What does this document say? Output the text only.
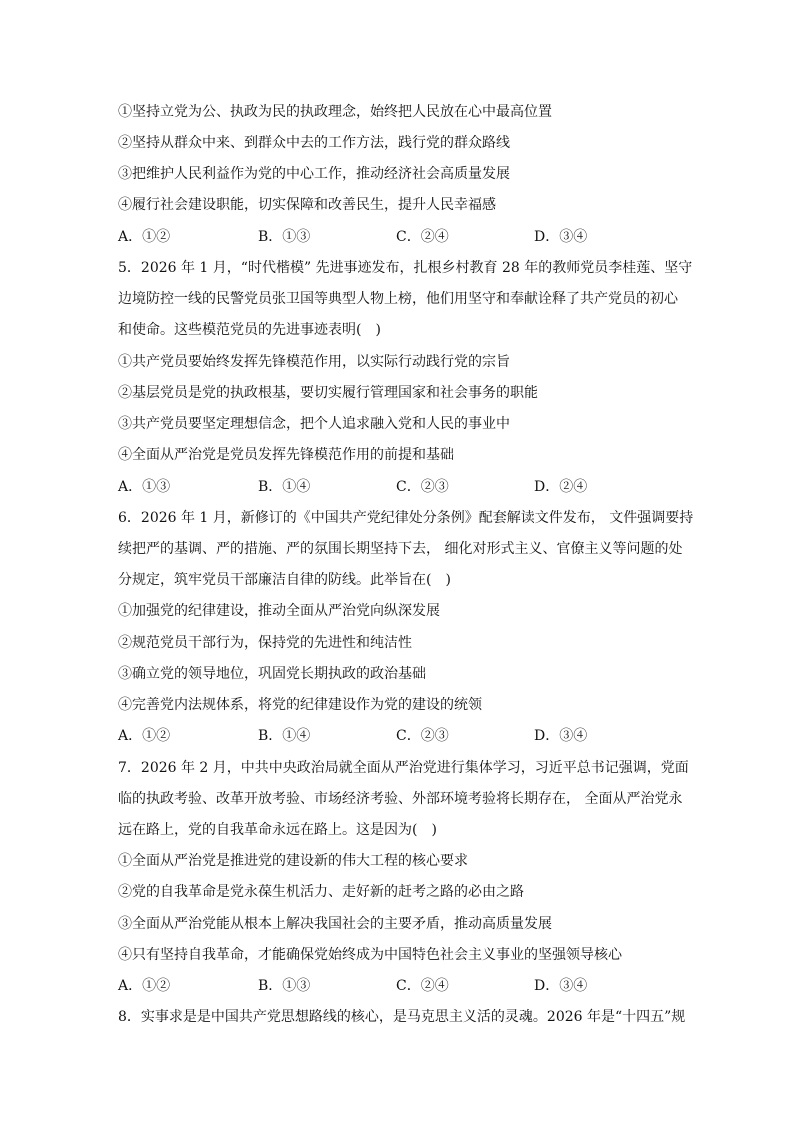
①坚持立党为公、执政为民的执政理念，始终把人民放在心中最高位置
②坚持从群众中来、到群众中去的工作方法，践行党的群众路线
③把维护人民利益作为党的中心工作，推动经济社会高质量发展
④履行社会建设职能，切实保障和改善民生，提升人民幸福感
A．①②	B．①③	C．②④	D．③④
5．2026 年 1 月，“时代楷模” 先进事迹发布，扎根乡村教育 28 年的教师党员李桂莲、坚守
边境防控一线的民警党员张卫国等典型人物上榜，他们用坚守和奉献诠释了共产党员的初心
和使命。这些模范党员的先进事迹表明(　)
①共产党员要始终发挥先锋模范作用，以实际行动践行党的宗旨
②基层党员是党的执政根基，要切实履行管理国家和社会事务的职能
③共产党员要坚定理想信念，把个人追求融入党和人民的事业中
④全面从严治党是党员发挥先锋模范作用的前提和基础
A．①③	B．①④	C．②③	D．②④
6．2026 年 1 月，新修订的《中国共产党纪律处分条例》配套解读文件发布， 文件强调要持
续把严的基调、严的措施、严的氛围长期坚持下去， 细化对形式主义、官僚主义等问题的处
分规定，筑牢党员干部廉洁自律的防线。此举旨在(　)
①加强党的纪律建设，推动全面从严治党向纵深发展
②规范党员干部行为，保持党的先进性和纯洁性
③确立党的领导地位，巩固党长期执政的政治基础
④完善党内法规体系，将党的纪律建设作为党的建设的统领
A．①②	B．①④	C．②③	D．③④
7．2026 年 2 月，中共中央政治局就全面从严治党进行集体学习，习近平总书记强调，党面
临的执政考验、改革开放考验、市场经济考验、外部环境考验将长期存在， 全面从严治党永
远在路上，党的自我革命永远在路上。这是因为(　)
①全面从严治党是推进党的建设新的伟大工程的核心要求
②党的自我革命是党永葆生机活力、走好新的赶考之路的必由之路
③全面从严治党能从根本上解决我国社会的主要矛盾，推动高质量发展
④只有坚持自我革命，才能确保党始终成为中国特色社会主义事业的坚强领导核心
A．①②	B．①③	C．②④	D．③④
8．实事求是是中国共产党思想路线的核心，是马克思主义活的灵魂。2026 年是“十四五”规
